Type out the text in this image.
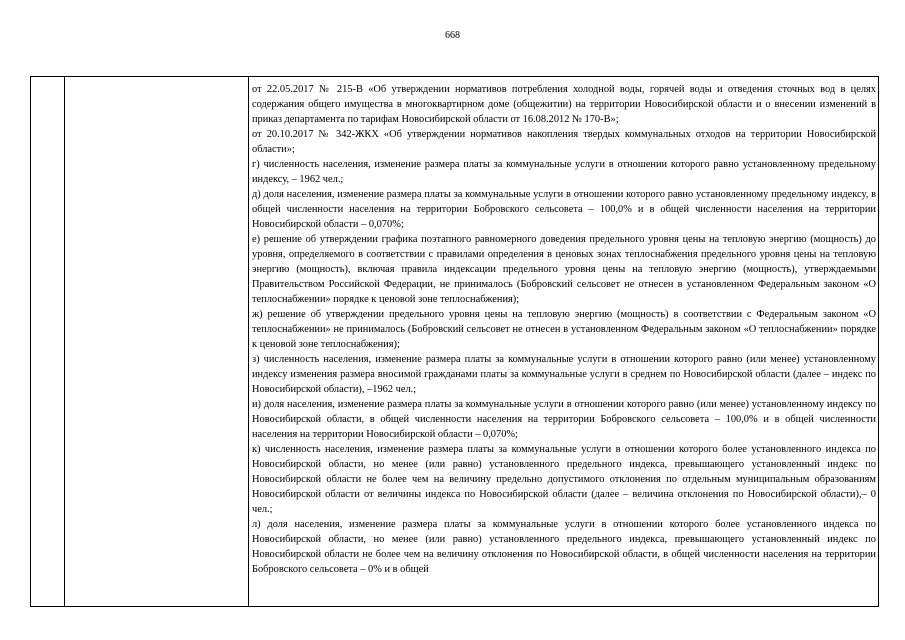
668

от 22.05.2017 № 215-В «Об утверждении нормативов потребления холодной воды, горячей воды и отведения сточных вод в целях содержания общего имущества в многоквартирном доме (общежитии) на территории Новосибирской области и о внесении изменений в приказ департамента по тарифам Новосибирской области от 16.08.2012 № 170-В»;

от 20.10.2017 № 342-ЖКХ «Об утверждении нормативов накопления твердых коммунальных отходов на территории Новосибирской области»;

г) численность населения, изменение размера платы за коммунальные услуги в отношении которого равно установленному предельному индексу, – 1962 чел.;

д) доля населения, изменение размера платы за коммунальные услуги в отношении которого равно установленному предельному индексу, в общей численности населения на территории Бобровского сельсовета – 100,0% и в общей численности населения на территории Новосибирской области – 0,070%;

е) решение об утверждении графика поэтапного равномерного доведения предельного уровня цены на тепловую энергию (мощность) до уровня, определяемого в соответствии с правилами определения в ценовых зонах теплоснабжения предельного уровня цены на тепловую энергию (мощность), включая правила индексации предельного уровня цены на тепловую энергию (мощность), утверждаемыми Правительством Российской Федерации, не принималось (Бобровский сельсовет не отнесен в установленном Федеральным законом «О теплоснабжении» порядке к ценовой зоне теплоснабжения);

ж) решение об утверждении предельного уровня цены на тепловую энергию (мощность) в соответствии с Федеральным законом «О теплоснабжении» не принималось (Бобровский сельсовет не отнесен в установленном Федеральным законом «О теплоснабжении» порядке к ценовой зоне теплоснабжения);

з) численность населения, изменение размера платы за коммунальные услуги в отношении которого равно (или менее) установленному индексу изменения размера вносимой гражданами платы за коммунальные услуги в среднем по Новосибирской области (далее – индекс по Новосибирской области), –1962 чел.;

и) доля населения, изменение размера платы за коммунальные услуги в отношении которого равно (или менее) установленному индексу по Новосибирской области, в общей численности населения на территории Бобровского сельсовета – 100,0% и в общей численности населения на территории Новосибирской области – 0,070%;

к) численность населения, изменение размера платы за коммунальные услуги в отношении которого более установленного индекса по Новосибирской области, но менее (или равно) установленного предельного индекса, превышающего установленный индекс по Новосибирской области не более чем на величину предельно допустимого отклонения по отдельным муниципальным образованиям Новосибирской области от величины индекса по Новосибирской области (далее – величина отклонения по Новосибирской области),– 0 чел.;

л) доля населения, изменение размера платы за коммунальные услуги в отношении которого более установленного индекса по Новосибирской области, но менее (или равно) установленного предельного индекса, превышающего установленный индекс по Новосибирской области не более чем на величину отклонения по Новосибирской области, в общей численности населения на территории Бобровского сельсовета – 0% и в общей
